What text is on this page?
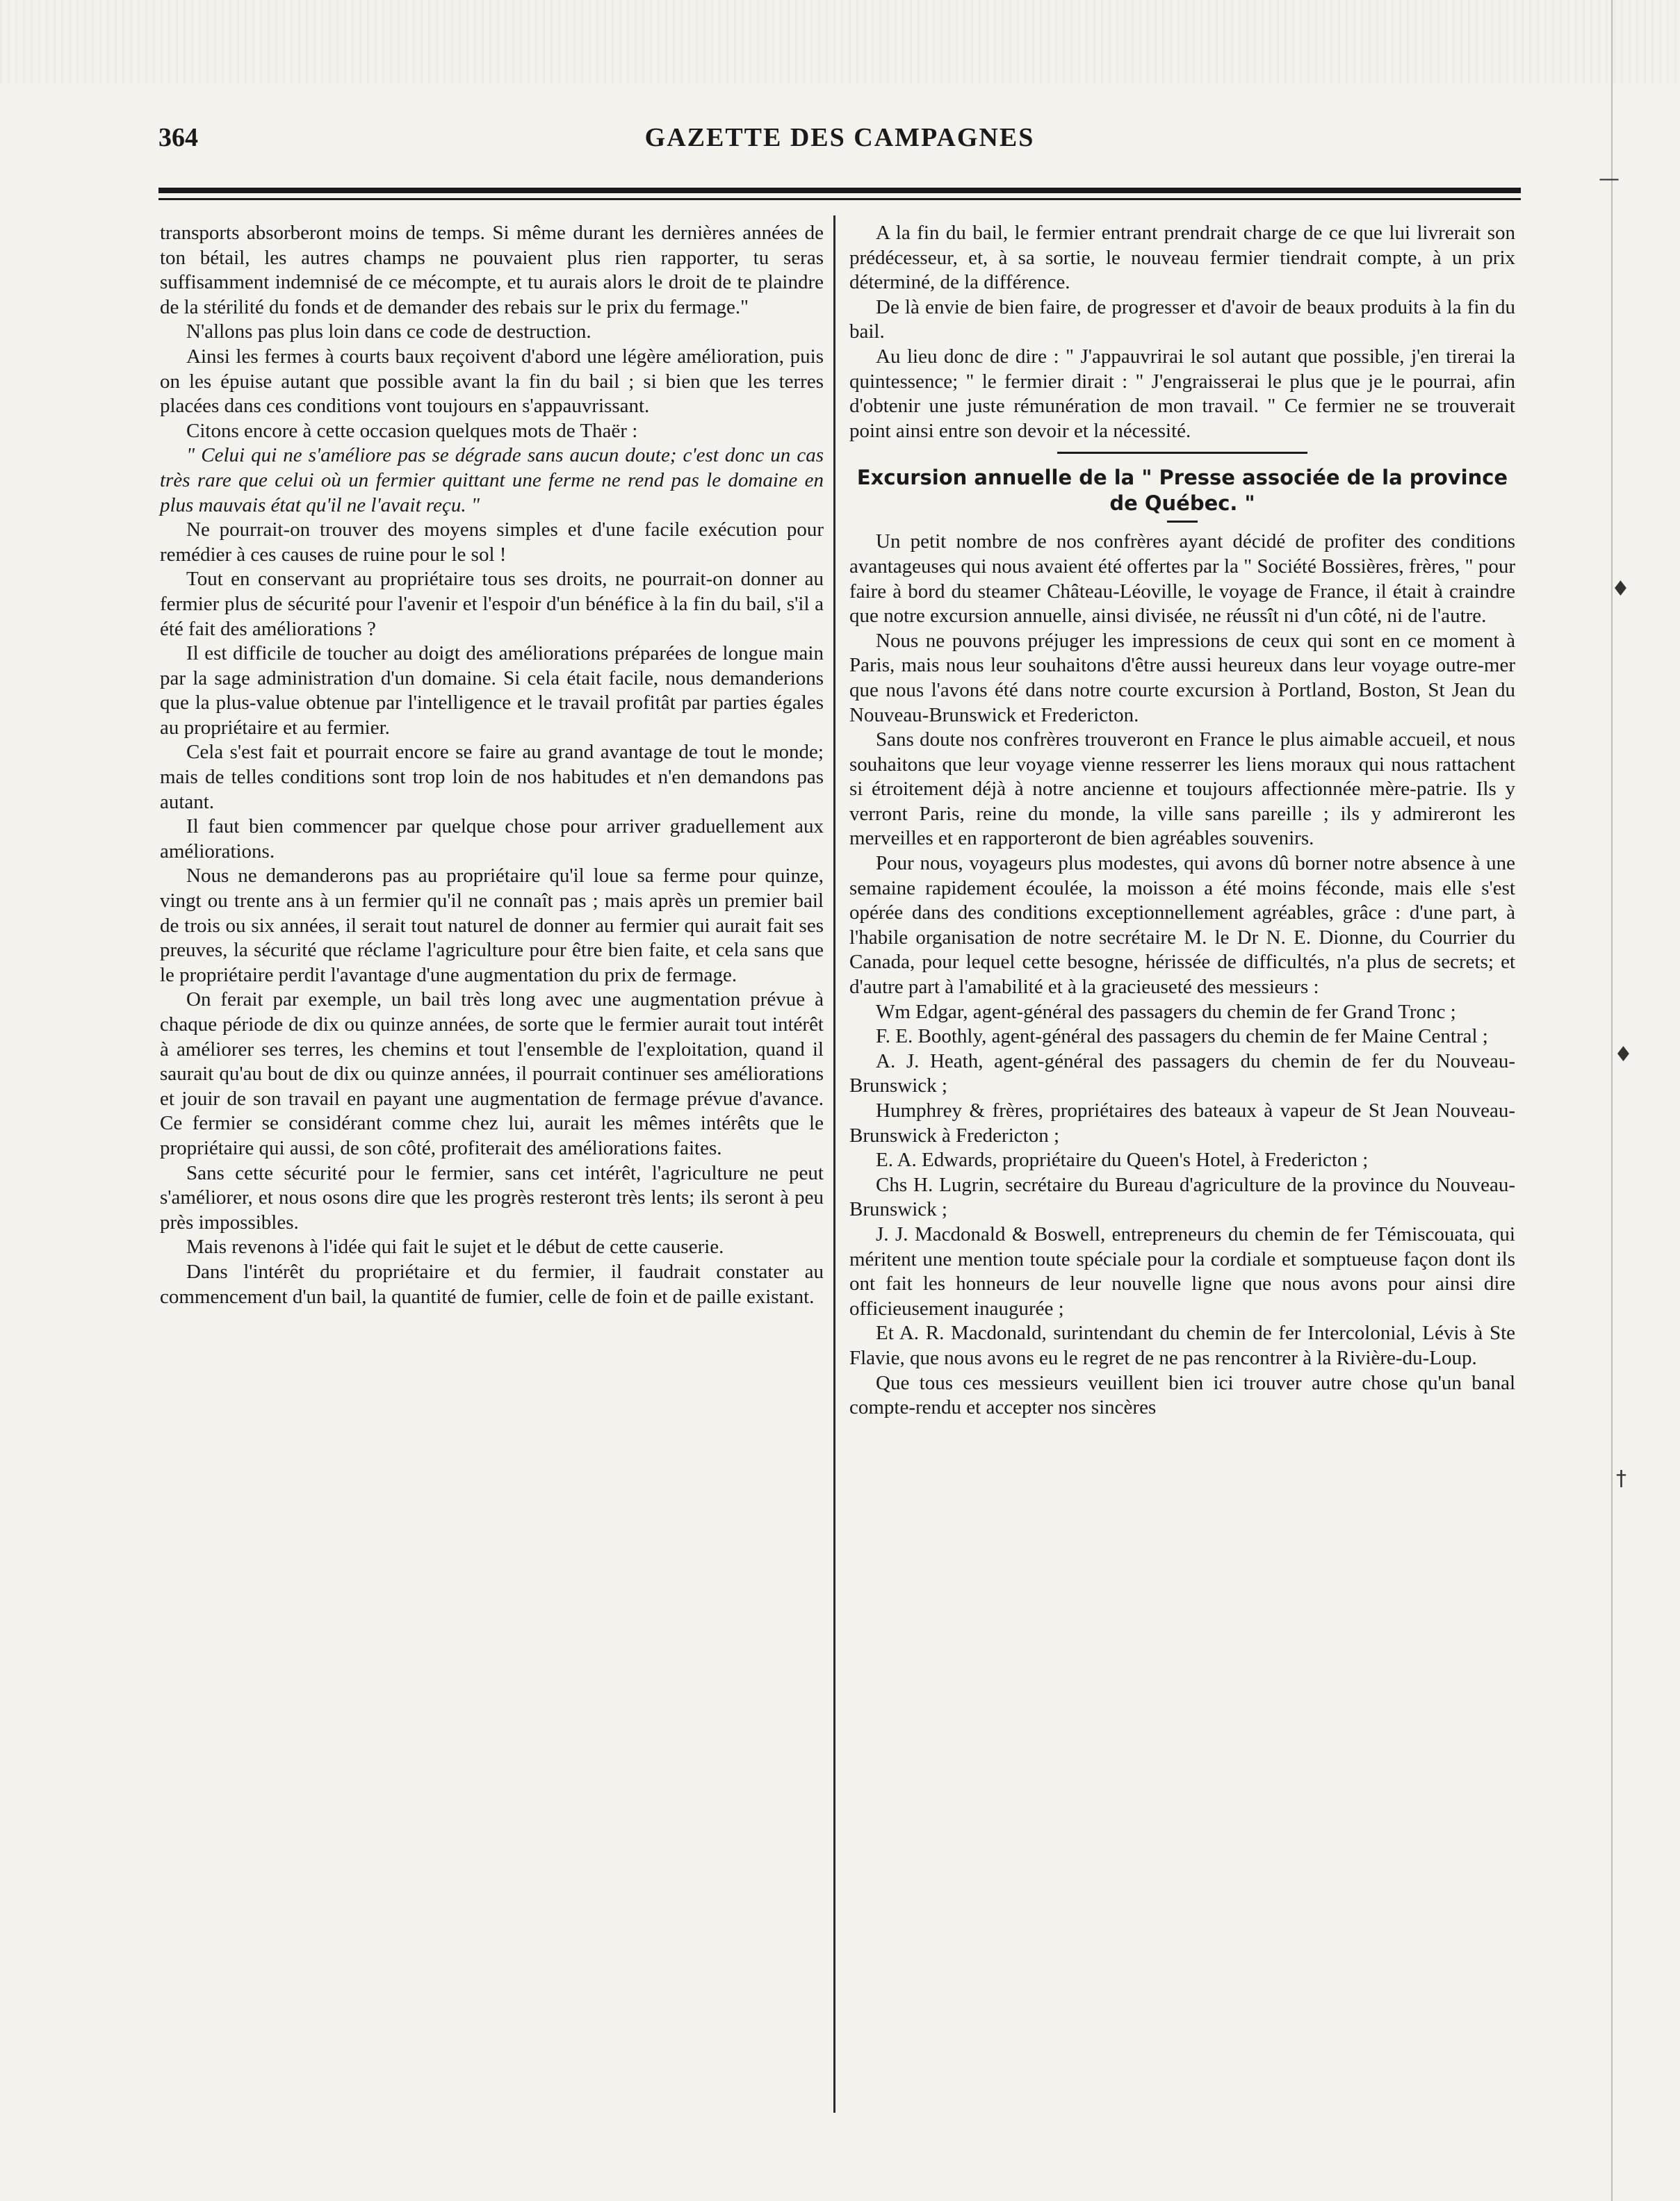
364	GAZETTE DES CAMPAGNES

transports absorberont moins de temps. Si même durant les dernières années de ton bétail, les autres champs ne pouvaient plus rien rapporter, tu seras suffisamment indemnisé de ce mécompte, et tu aurais alors le droit de te plaindre de la stérilité du fonds et de demander des rebais sur le prix du fermage."

N'allons pas plus loin dans ce code de destruction.

Ainsi les fermes à courts baux reçoivent d'abord une légère amélioration, puis on les épuise autant que possible avant la fin du bail ; si bien que les terres placées dans ces conditions vont toujours en s'appauvrissant.

Citons encore à cette occasion quelques mots de Thaër :

" Celui qui ne s'améliore pas se dégrade sans aucun doute; c'est donc un cas très rare que celui où un fermier quittant une ferme ne rend pas le domaine en plus mauvais état qu'il ne l'avait reçu. "

Ne pourrait-on trouver des moyens simples et d'une facile exécution pour remédier à ces causes de ruine pour le sol !

Tout en conservant au propriétaire tous ses droits, ne pourrait-on donner au fermier plus de sécurité pour l'avenir et l'espoir d'un bénéfice à la fin du bail, s'il a été fait des améliorations ?

Il est difficile de toucher au doigt des améliorations préparées de longue main par la sage administration d'un domaine. Si cela était facile, nous demanderions que la plus-value obtenue par l'intelligence et le travail profitât par parties égales au propriétaire et au fermier.

Cela s'est fait et pourrait encore se faire au grand avantage de tout le monde; mais de telles conditions sont trop loin de nos habitudes et n'en demandons pas autant.

Il faut bien commencer par quelque chose pour arriver graduellement aux améliorations.

Nous ne demanderons pas au propriétaire qu'il loue sa ferme pour quinze, vingt ou trente ans à un fermier qu'il ne connaît pas ; mais après un premier bail de trois ou six années, il serait tout naturel de donner au fermier qui aurait fait ses preuves, la sécurité que réclame l'agriculture pour être bien faite, et cela sans que le propriétaire perdit l'avantage d'une augmentation du prix de fermage.

On ferait par exemple, un bail très long avec une augmentation prévue à chaque période de dix ou quinze années, de sorte que le fermier aurait tout intérêt à améliorer ses terres, les chemins et tout l'ensemble de l'exploitation, quand il saurait qu'au bout de dix ou quinze années, il pourrait continuer ses améliorations et jouir de son travail en payant une augmentation de fermage prévue d'avance. Ce fermier se considérant comme chez lui, aurait les mêmes intérêts que le propriétaire qui aussi, de son côté, profiterait des améliorations faites.

Sans cette sécurité pour le fermier, sans cet intérêt, l'agriculture ne peut s'améliorer, et nous osons dire que les progrès resteront très lents; ils seront à peu près impossibles.

Mais revenons à l'idée qui fait le sujet et le début de cette causerie.

Dans l'intérêt du propriétaire et du fermier, il faudrait constater au commencement d'un bail, la quantité de fumier, celle de foin et de paille existant.

A la fin du bail, le fermier entrant prendrait charge de ce que lui livrerait son prédécesseur, et, à sa sortie, le nouveau fermier tiendrait compte, à un prix déterminé, de la différence.

De là envie de bien faire, de progresser et d'avoir de beaux produits à la fin du bail.

Au lieu donc de dire : " J'appauvrirai le sol autant que possible, j'en tirerai la quintessence; " le fermier dirait : " J'engraisserai le plus que je le pourrai, afin d'obtenir une juste rémunération de mon travail. " Ce fermier ne se trouverait point ainsi entre son devoir et la nécessité.

Excursion annuelle de la " Presse associée de la province de Québec. "

Un petit nombre de nos confrères ayant décidé de profiter des conditions avantageuses qui nous avaient été offertes par la " Société Bossières, frères, " pour faire à bord du steamer Château-Léoville, le voyage de France, il était à craindre que notre excursion annuelle, ainsi divisée, ne réussît ni d'un côté, ni de l'autre.

Nous ne pouvons préjuger les impressions de ceux qui sont en ce moment à Paris, mais nous leur souhaitons d'être aussi heureux dans leur voyage outre-mer que nous l'avons été dans notre courte excursion à Portland, Boston, St Jean du Nouveau-Brunswick et Fredericton.

Sans doute nos confrères trouveront en France le plus aimable accueil, et nous souhaitons que leur voyage vienne resserrer les liens moraux qui nous rattachent si étroitement déjà à notre ancienne et toujours affectionnée mère-patrie. Ils y verront Paris, reine du monde, la ville sans pareille ; ils y admireront les merveilles et en rapporteront de bien agréables souvenirs.

Pour nous, voyageurs plus modestes, qui avons dû borner notre absence à une semaine rapidement écoulée, la moisson a été moins féconde, mais elle s'est opérée dans des conditions exceptionnellement agréables, grâce : d'une part, à l'habile organisation de notre secrétaire M. le Dr N. E. Dionne, du Courrier du Canada, pour lequel cette besogne, hérissée de difficultés, n'a plus de secrets; et d'autre part à l'amabilité et à la gracieuseté des messieurs :

Wm Edgar, agent-général des passagers du chemin de fer Grand Tronc ;

F. E. Boothly, agent-général des passagers du chemin de fer Maine Central ;

A. J. Heath, agent-général des passagers du chemin de fer du Nouveau-Brunswick ;

Humphrey & frères, propriétaires des bateaux à vapeur de St Jean Nouveau-Brunswick à Fredericton ;

E. A. Edwards, propriétaire du Queen's Hotel, à Fredericton ;

Chs H. Lugrin, secrétaire du Bureau d'agriculture de la province du Nouveau-Brunswick ;

J. J. Macdonald & Boswell, entrepreneurs du chemin de fer Témiscouata, qui méritent une mention toute spéciale pour la cordiale et somptueuse façon dont ils ont fait les honneurs de leur nouvelle ligne que nous avons pour ainsi dire officieusement inaugurée ;

Et A. R. Macdonald, surintendant du chemin de fer Intercolonial, Lévis à Ste Flavie, que nous avons eu le regret de ne pas rencontrer à la Rivière-du-Loup.

Que tous ces messieurs veuillent bien ici trouver autre chose qu'un banal compte-rendu et accepter nos sincères

—
♦
♦
†
